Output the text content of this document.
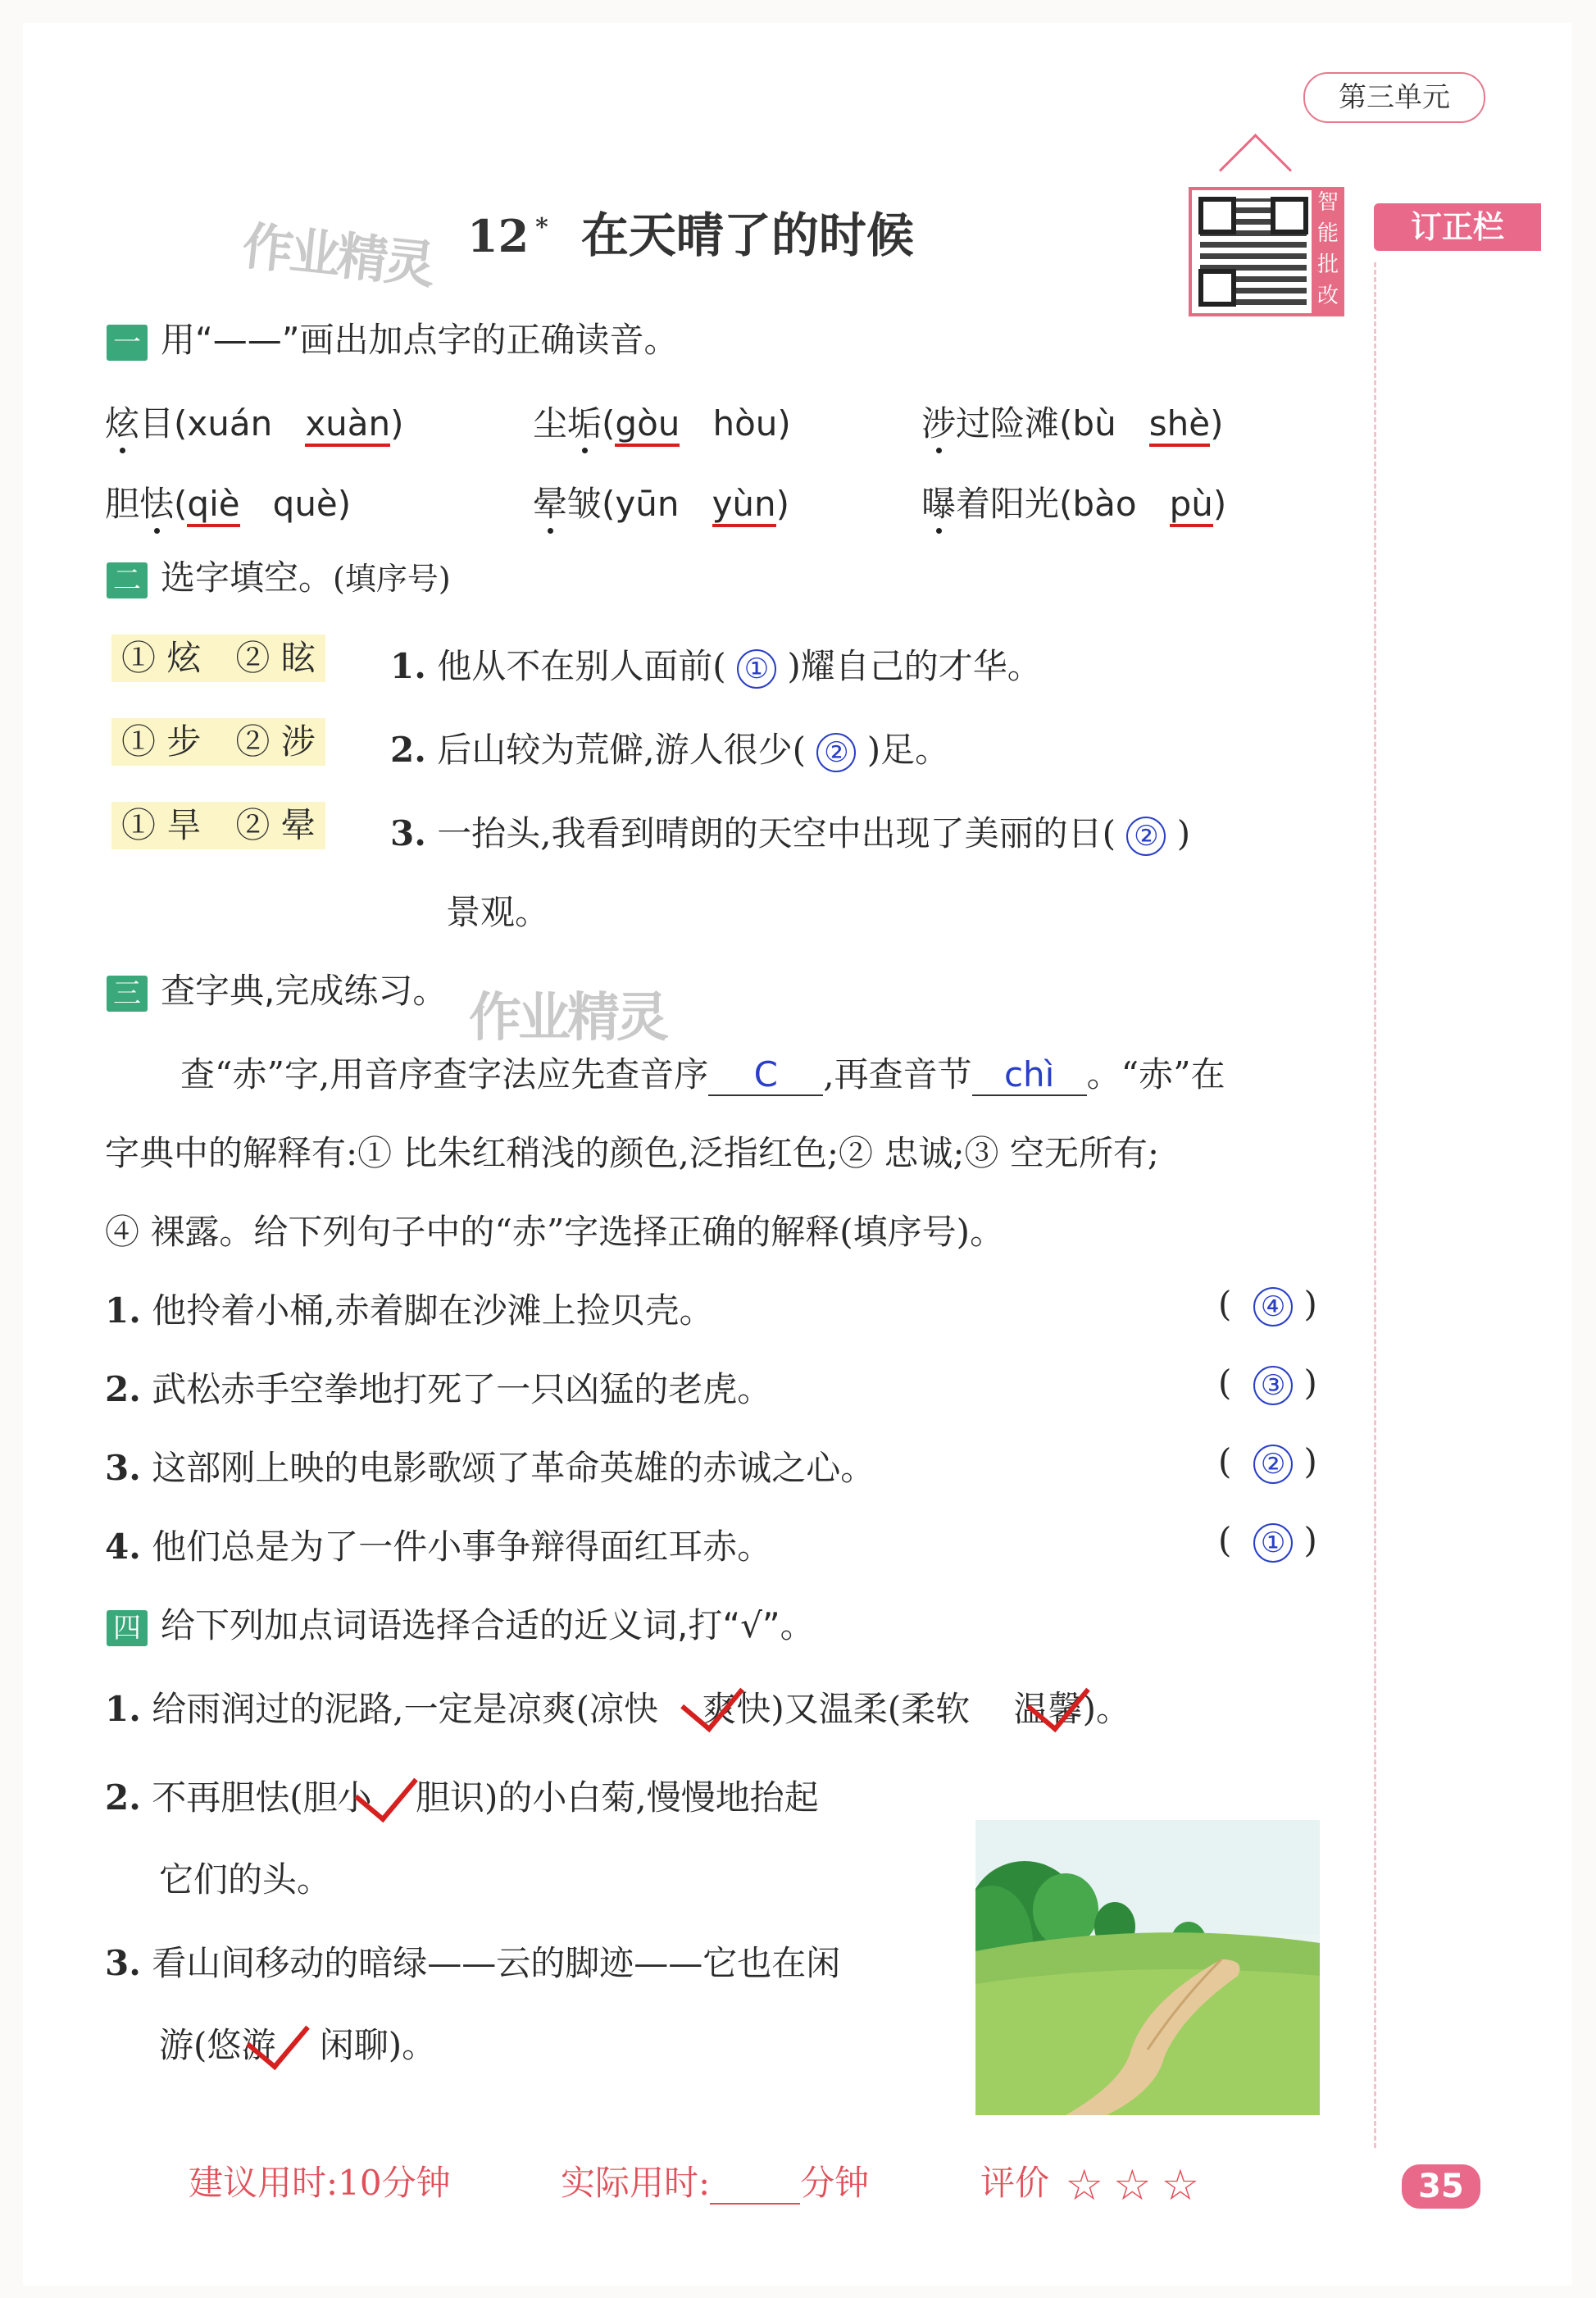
第三单元
作业精灵
作业精灵
12 * 在天晴了的时候
智能批改
订正栏
一 用“——”画出加点字的正确读音。
炫目(xuán xuàn)	尘垢(gòu hòu)	涉过险滩(bù shè)
胆怯(qiè què)	晕皱(yūn yùn)	曝着阳光(bào pù)
二 选字填空。(填序号)
① 炫　② 眩
① 步　② 涉
① 旱　② 晕
1. 他从不在别人面前( ① )耀自己的才华。
2. 后山较为荒僻,游人很少( ② )足。
3. 一抬头,我看到晴朗的天空中出现了美丽的日( ② )
景观。
三 查字典,完成练习。
查“赤”字,用音序查字法应先查音序 C ,再查音节 chì 。“赤”在
字典中的解释有:① 比朱红稍浅的颜色,泛指红色;② 忠诚;③ 空无所有;
④ 裸露。给下列句子中的“赤”字选择正确的解释(填序号)。
1. 他拎着小桶,赤着脚在沙滩上捡贝壳。	(  ④ )
2. 武松赤手空拳地打死了一只凶猛的老虎。	(  ③ )
3. 这部刚上映的电影歌颂了革命英雄的赤诚之心。	(  ② )
4. 他们总是为了一件小事争辩得面红耳赤。	(  ① )
四 给下列加点词语选择合适的近义词,打“√”。
1. 给雨润过的泥路,一定是凉爽(凉快 爽快)又温柔(柔软 温馨)。
2. 不再胆怯(胆小 胆识)的小白菊,慢慢地抬起
它们的头。
3. 看山间移动的暗绿——云的脚迹——它也在闲
游(悠游 闲聊)。
建议用时:10分钟	实际用时:	分钟	评价 ☆ ☆ ☆	35
